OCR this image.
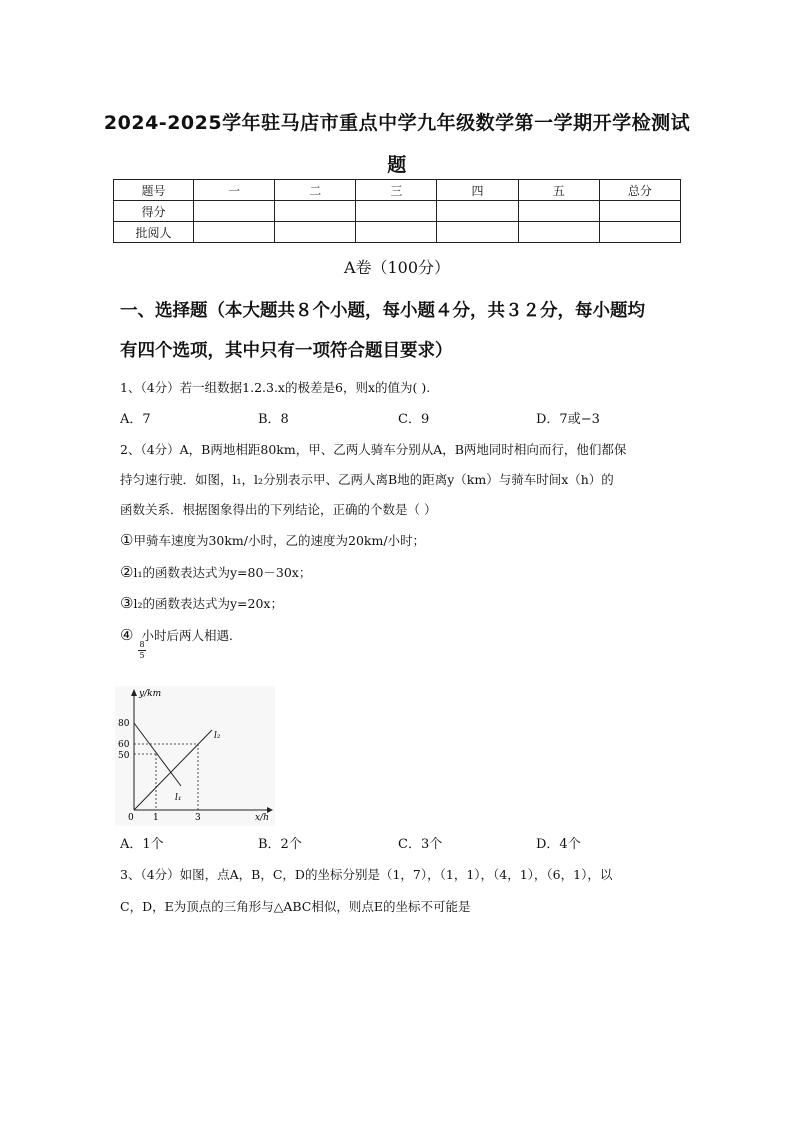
2024-2025学年驻马店市重点中学九年级数学第一学期开学检测试
题
题号	一	二	三	四	五	总分
得分						
批阅人						
A卷（100分）
一、选择题（本大题共８个小题，每小题４分，共３２分，每小题均
有四个选项，其中只有一项符合题目要求）
1、（4分）若一组数据1.2.3.x的极差是6，则x的值为( ).
A．7	B．8	C．9	D．7或−3
2、（4分）A，B两地相距80km，甲、乙两人骑车分别从A，B两地同时相向而行，他们都保
持匀速行驶．如图，l₁，l₂分别表示甲、乙两人离B地的距离y（km）与骑车时间x（h）的
函数关系．根据图象得出的下列结论，正确的个数是（ ）
①甲骑车速度为30km/小时，乙的速度为20km/小时；
②l₁的函数表达式为y=80－30x；
③l₂的函数表达式为y=20x；
④ 小时后两人相遇.
8
5
y/km
x/h
80
60
50
0 1	3
l₁
l₂
A．1个	B．2个	C．3个	D．4个
3、（4分）如图，点A，B，C，D的坐标分别是（1，7），（1，1），（4，1），（6，1），以
C，D，E为顶点的三角形与△ABC相似，则点E的坐标不可能是
